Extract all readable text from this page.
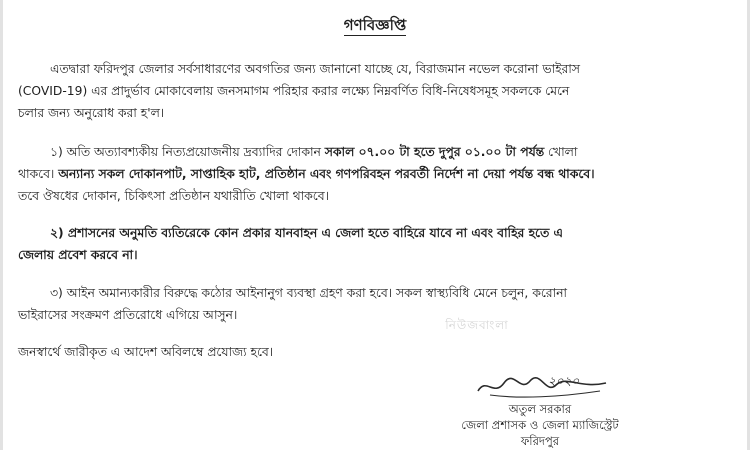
গণবিজ্ঞপ্তি

এতদ্বারা ফরিদপুর জেলার সর্বসাধারণের অবগতির জন্য জানানো যাচ্ছে যে, বিরাজমান নভেল করোনা ভাইরাস

(COVID-19) এর প্রাদুর্ভাব মোকাবেলায় জনসমাগম পরিহার করার লক্ষ্যে নিম্নবর্ণিত বিধি-নিষেধসমূহ সকলকে মেনে

চলার জন্য অনুরোধ করা হ'ল।

১) অতি অত্যাবশ্যকীয় নিত্যপ্রয়োজনীয় দ্রব্যাদির দোকান সকাল ০৭.০০ টা হতে দুপুর ০১.০০ টা পর্যন্ত খোলা

থাকবে। অন্যান্য সকল দোকানপাট, সাপ্তাহিক হাট, প্রতিষ্ঠান এবং গণপরিবহন পরবর্তী নির্দেশ না দেয়া পর্যন্ত বন্ধ থাকবে।

তবে ঔষধের দোকান, চিকিৎসা প্রতিষ্ঠান যথারীতি খোলা থাকবে।

২) প্রশাসনের অনুমতি ব্যতিরেকে কোন প্রকার যানবাহন এ জেলা হতে বাহিরে যাবে না এবং বাহির হতে এ

জেলায় প্রবেশ করবে না।

৩) আইন অমান্যকারীর বিরুদ্ধে কঠোর আইনানুগ ব্যবস্থা গ্রহণ করা হবে। সকল স্বাস্থ্যবিধি মেনে চলুন, করোনা

ভাইরাসের সংক্রমণ প্রতিরোধে এগিয়ে আসুন।

জনস্বার্থে জারীকৃত এ আদেশ অবিলম্বে প্রযোজ্য হবে।

নিউজবাংলা
২০২০
অতুল সরকার
জেলা প্রশাসক ও জেলা ম্যাজিস্ট্রেট
ফরিদপুর
